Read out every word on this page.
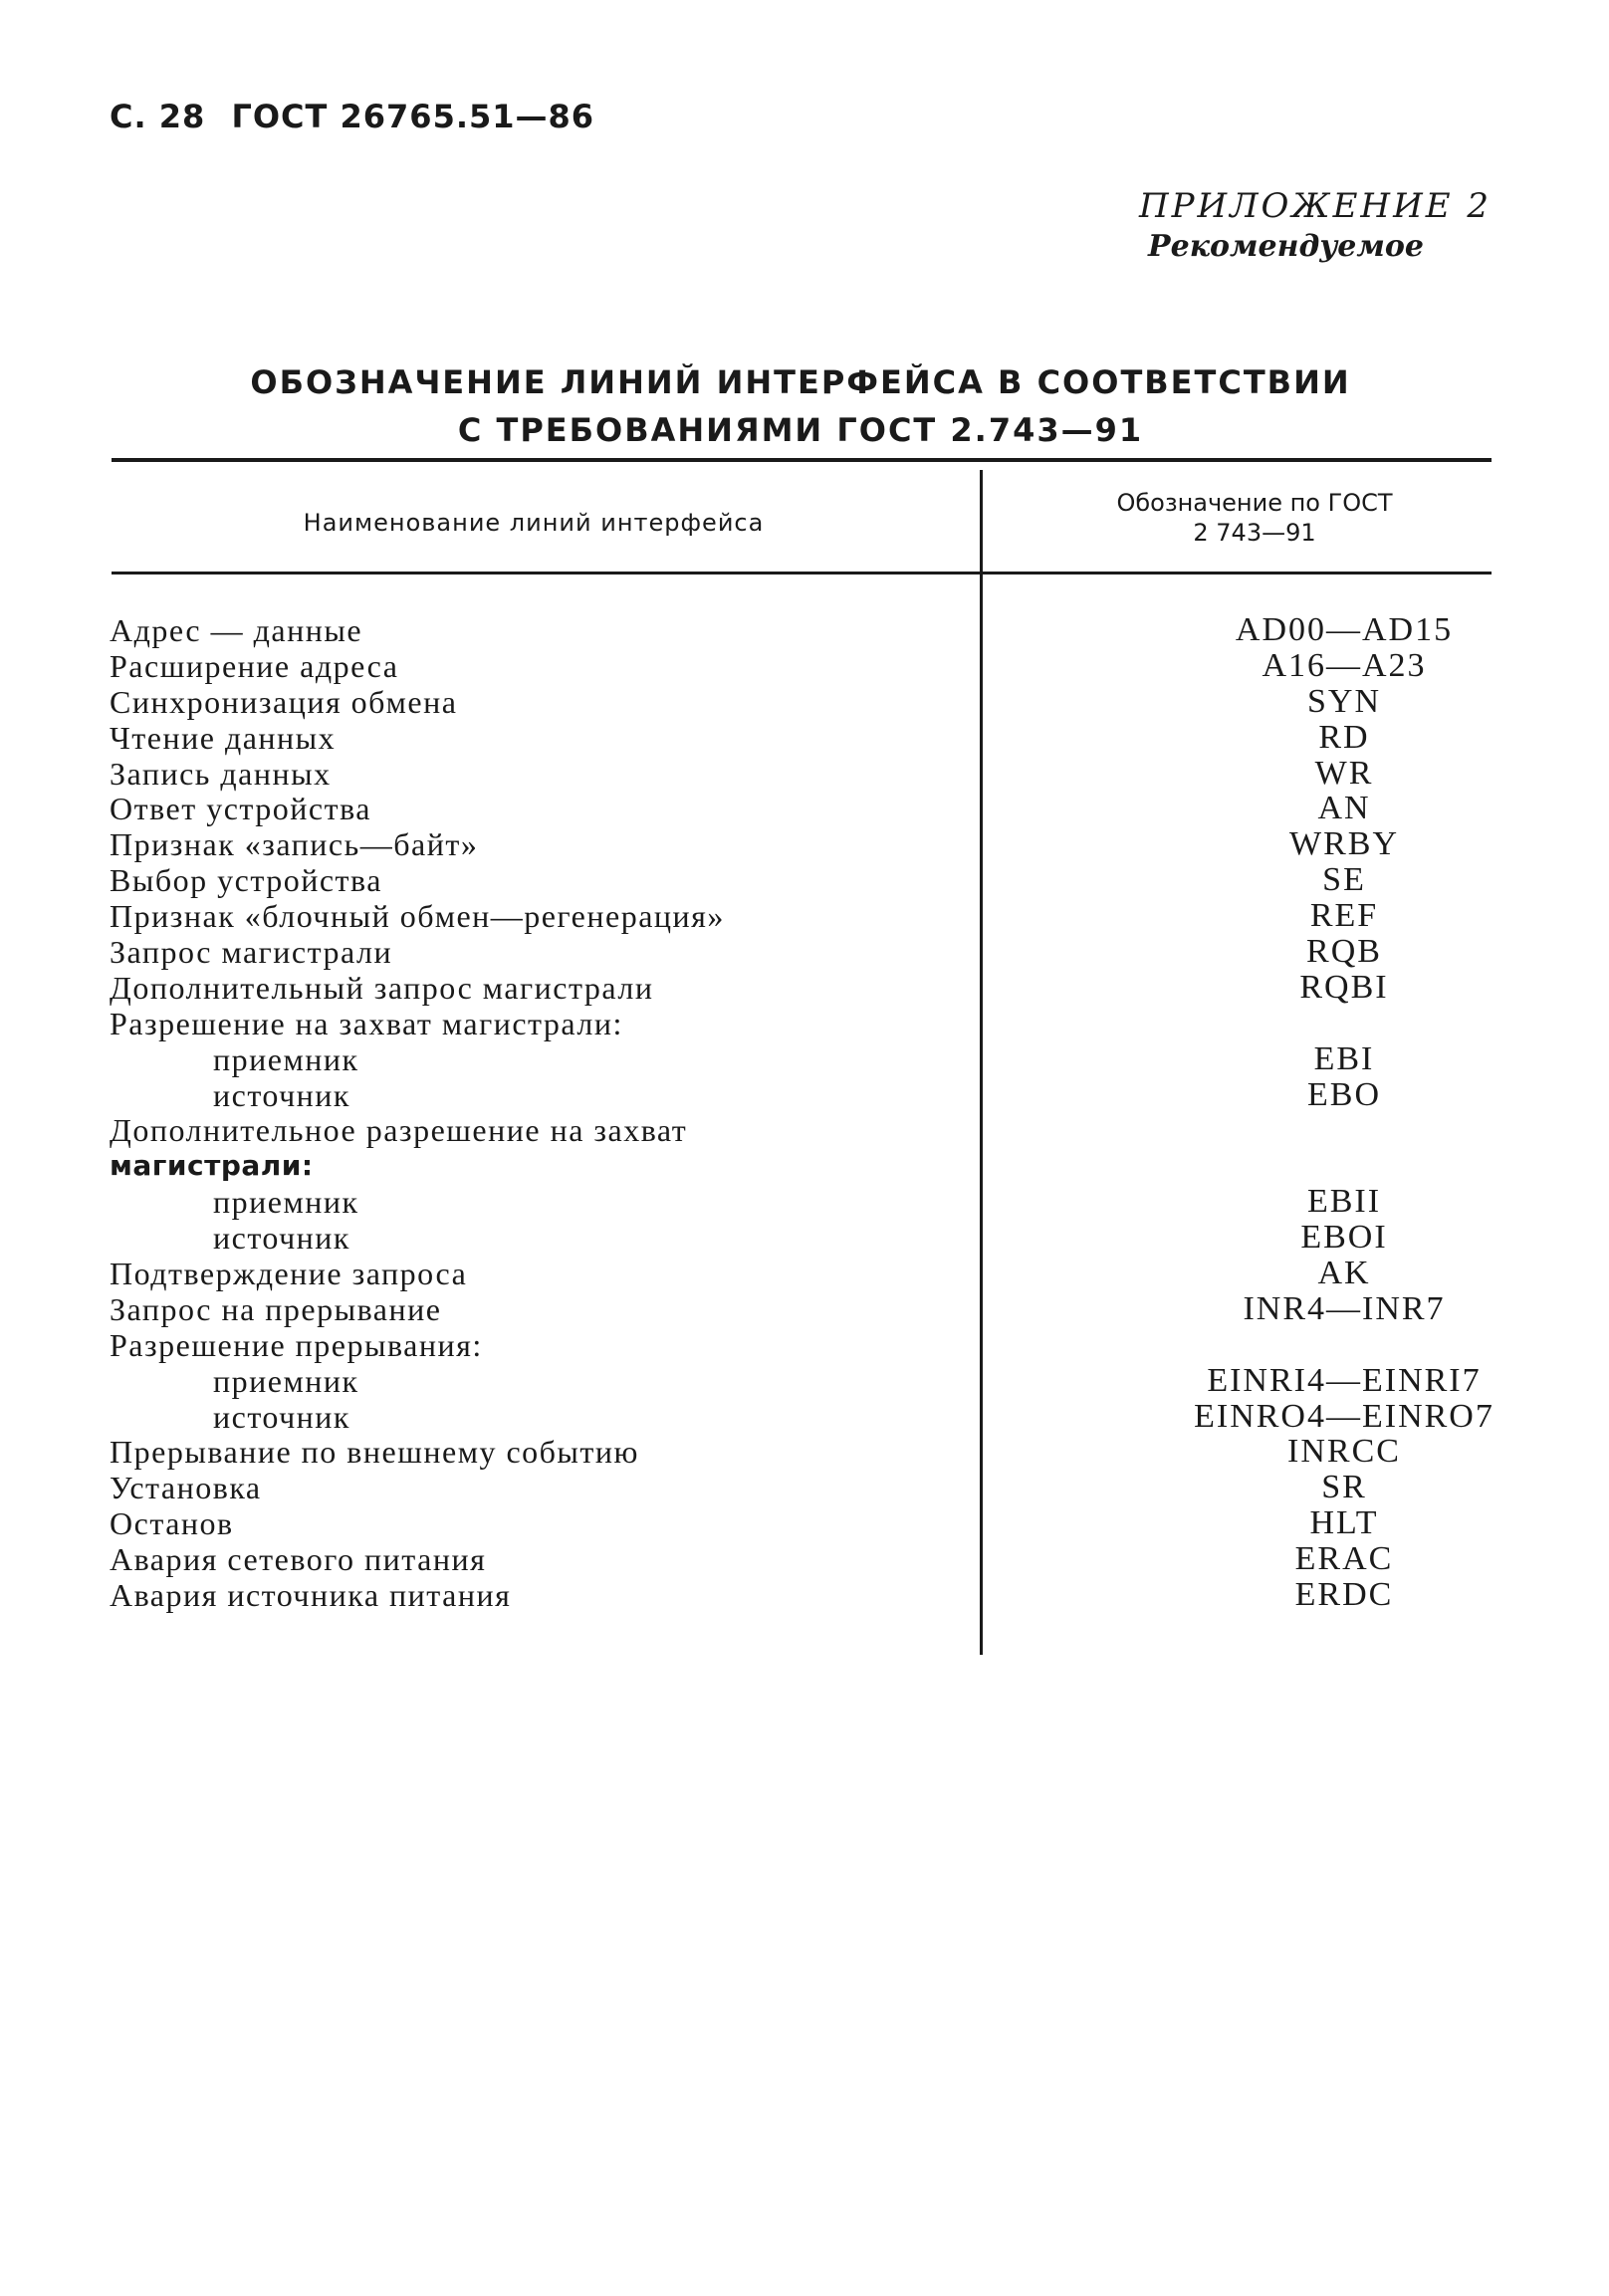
С. 28 ГОСТ 26765.51—86
ПРИЛОЖЕНИЕ 2
Рекомендуемое
ОБОЗНАЧЕНИЕ ЛИНИЙ ИНТЕРФЕЙСА В СООТВЕТСТВИИ
С ТРЕБОВАНИЯМИ ГОСТ 2.743—91
Наименование линий интерфейса
Обозначение по ГОСТ
2 743—91
Адрес — данные	AD00—AD15
Расширение адреса	A16—A23
Синхронизация обмена	SYN
Чтение данных	RD
Запись данных	WR
Ответ устройства	AN
Признак «запись—байт»	WRBY
Выбор устройства	SE
Признак «блочный обмен—регенерация»	REF
Запрос магистрали	RQB
Дополнительный запрос магистрали	RQBI
Разрешение на захват магистрали:
приемник	EBI
источник	EBO
Дополнительное разрешение на захват
магистрали:
приемник	EBII
источник	EBOI
Подтверждение запроса	AK
Запрос на прерывание	INR4—INR7
Разрешение прерывания:
приемник	EINRI4—EINRI7
источник	EINRO4—EINRO7
Прерывание по внешнему событию	INRCC
Установка	SR
Останов	HLT
Авария сетевого питания	ERAC
Авария источника питания	ERDC
